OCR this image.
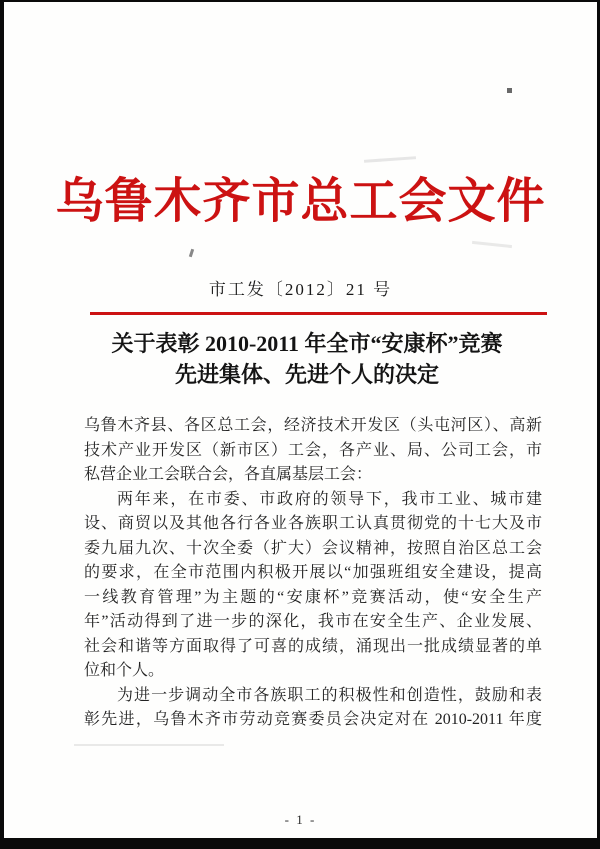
乌鲁木齐市总工会文件
市工发〔2012〕21 号
关于表彰 2010-2011 年全市“安康杯”竞赛
先进集体、先进个人的决定
乌鲁木齐县、各区总工会，经济技术开发区（头屯河区）、高新
技术产业开发区（新市区）工会，各产业、局、公司工会，市
私营企业工会联合会，各直属基层工会：
两年来，在市委、市政府的领导下，我市工业、城市建
设、商贸以及其他各行各业各族职工认真贯彻党的十七大及市
委九届九次、十次全委（扩大）会议精神，按照自治区总工会
的要求，在全市范围内积极开展以“加强班组安全建设，提高
一线教育管理”为主题的“安康杯”竞赛活动，使“安全生产
年”活动得到了进一步的深化，我市在安全生产、企业发展、
社会和谐等方面取得了可喜的成绩，涌现出一批成绩显著的单
位和个人。
为进一步调动全市各族职工的积极性和创造性，鼓励和表
彰先进，乌鲁木齐市劳动竞赛委员会决定对在 2010-2011 年度
- 1 -
